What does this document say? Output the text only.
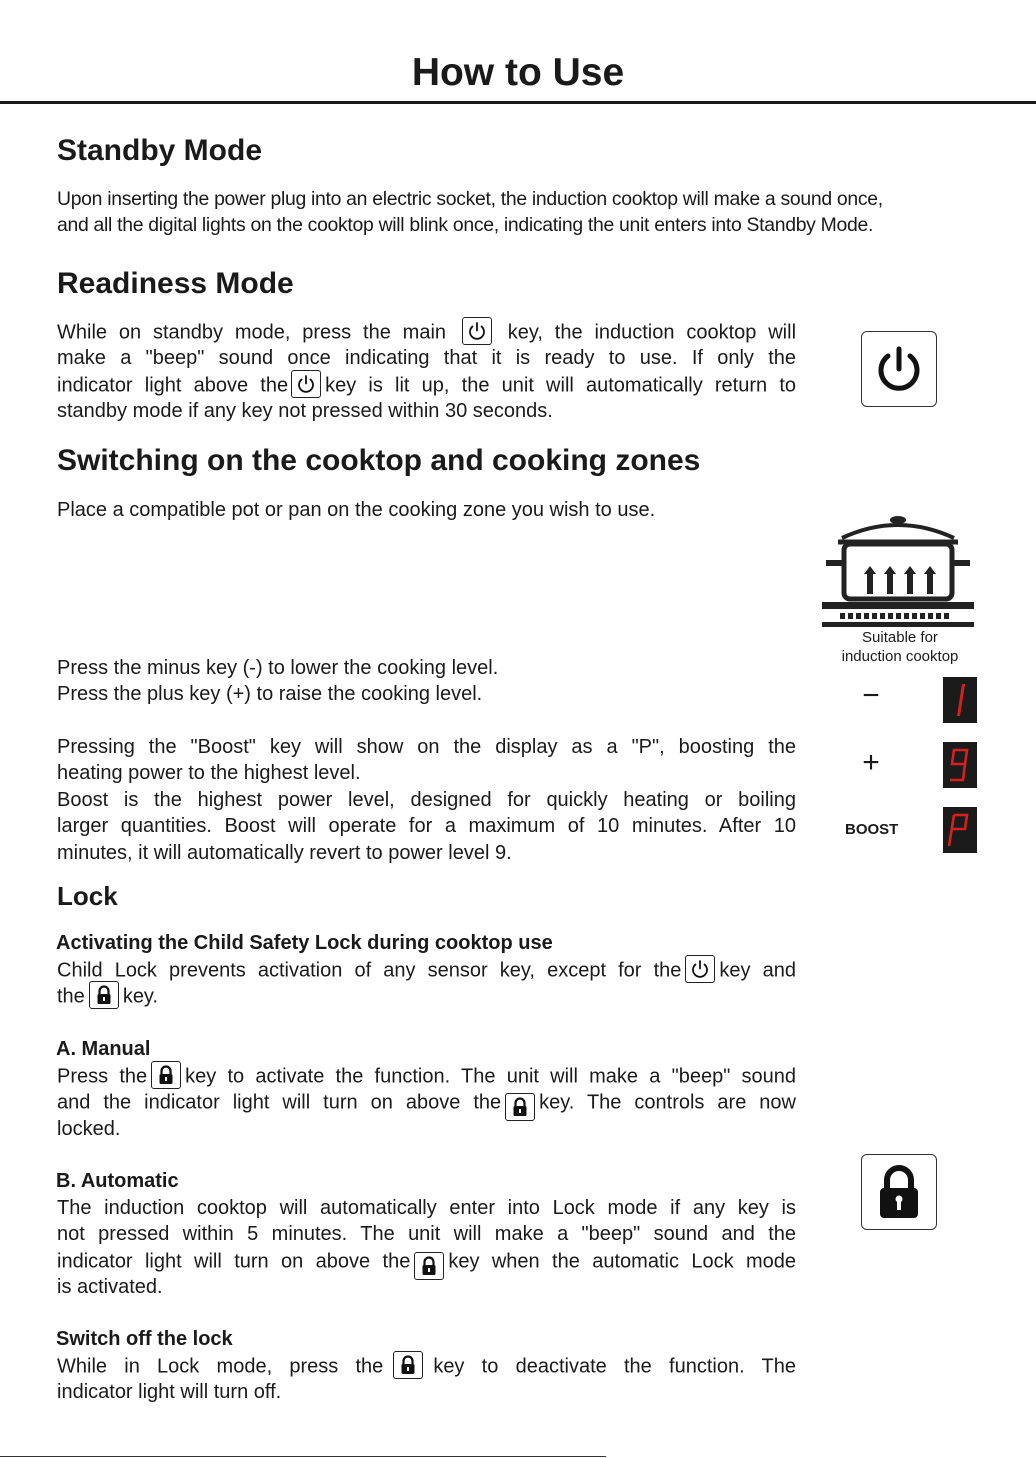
How to Use
Standby Mode
Upon inserting the power plug into an electric socket, the induction cooktop will make a sound once,
and all the digital lights on the cooktop will blink once, indicating the unit enters into Standby Mode.
Readiness Mode
While on standby mode, press the main	key, the induction cooktop will
make a "beep" sound once indicating that it is ready to use. If only the
indicator light above the key is lit up, the unit will automatically return to
standby mode if any key not pressed within 30 seconds.
Switching on the cooktop and cooking zones
Place a compatible pot or pan on the cooking zone you wish to use.
Suitable for
induction cooktop
Press the minus key (-) to lower the cooking level.
Press the plus key (+) to raise the cooking level.
Pressing the "Boost" key will show on the display as a "P", boosting the
heating power to the highest level.
Boost is the highest power level, designed for quickly heating or boiling
larger quantities. Boost will operate for a maximum of 10 minutes. After 10
minutes, it will automatically revert to power level 9.
−
+
BOOST
Lock
Activating the Child Safety Lock during cooktop use
Child Lock prevents activation of any sensor key, except for the key and
the key.
A. Manual
Press the key to activate the function. The unit will make a "beep" sound
and the indicator light will turn on above the key. The controls are now
locked.
B. Automatic
The induction cooktop will automatically enter into Lock mode if any key is
not pressed within 5 minutes. The unit will make a "beep" sound and the
indicator light will turn on above the key when the automatic Lock mode
is activated.
Switch off the lock
While in Lock mode, press the	key to deactivate the function. The
indicator light will turn off.
